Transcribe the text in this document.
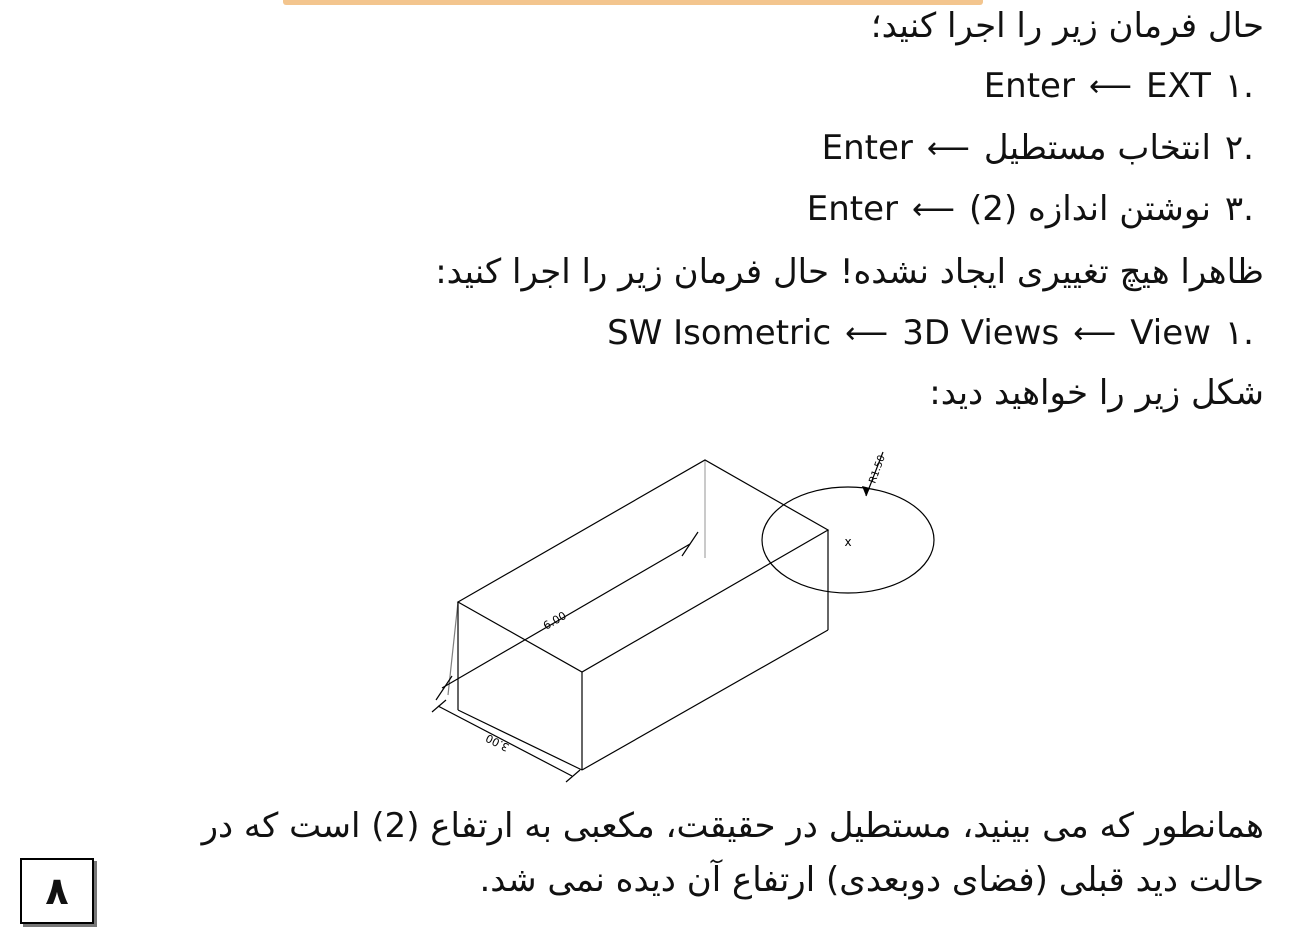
حال فرمان زیر را اجرا کنید؛
Enter ⟵ EXT ۱.
Enter ⟵ انتخاب مستطیل ۲.
Enter ⟵ نوشتن اندازه (2) ۳.
ظاهرا هیچ تغییری ایجاد نشده! حال فرمان زیر را اجرا کنید:
SW Isometric ⟵ 3D Views ⟵ View ۱.
شکل زیر را خواهید دید:
x
6.00
3.00
R1.50
همانطور که می بینید، مستطیل در حقیقت، مکعبی به ارتفاع (2) است که در
حالت دید قبلی (فضای دوبعدی) ارتفاع آن دیده نمی شد.
۸
